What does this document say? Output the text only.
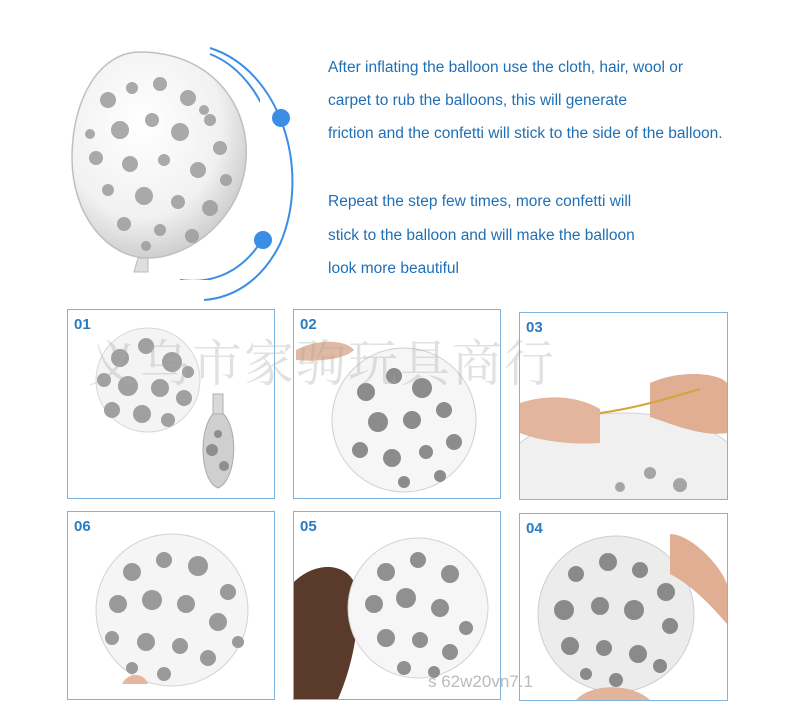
After inflating the balloon use the cloth, hair, wool or
carpet to rub the balloons, this will generate
friction and the confetti will stick to the side of the balloon.
Repeat the step few times, more confetti will
stick to the balloon and will make the balloon
look more beautiful
01	02	03
06	05	04
义乌市家驹玩具商行
s 62w20vn7.1
